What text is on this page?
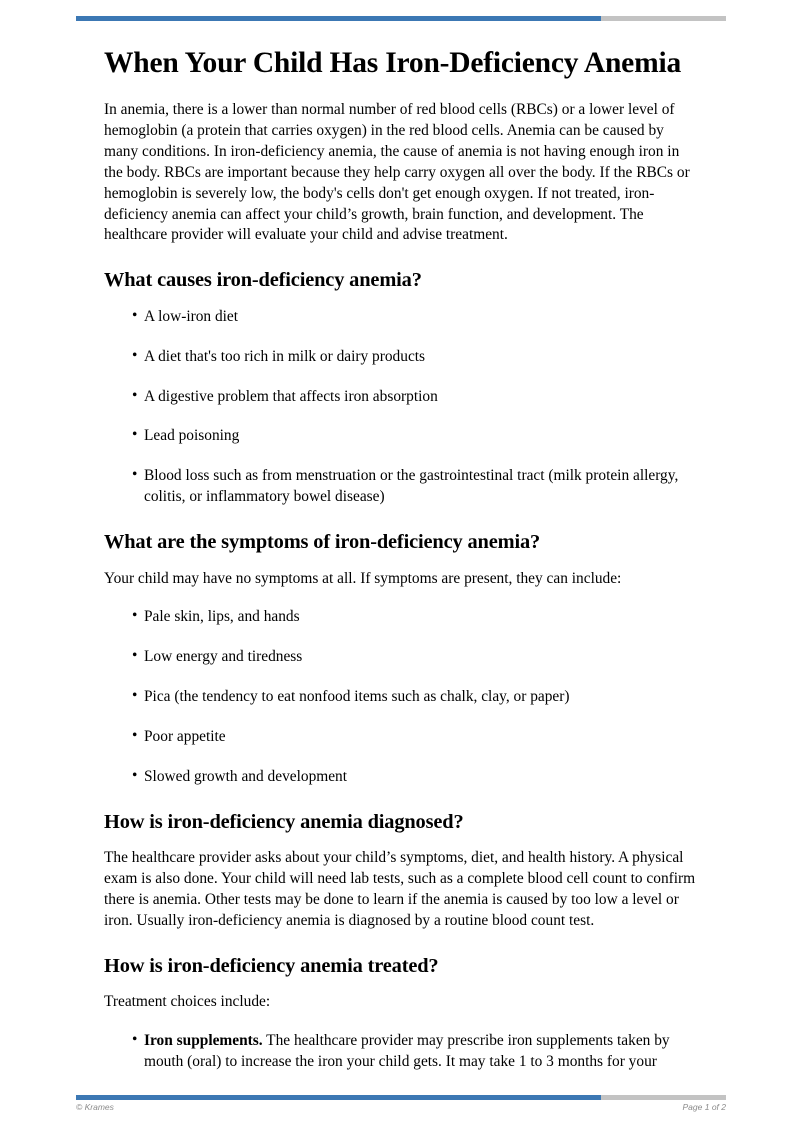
When Your Child Has Iron-Deficiency Anemia

In anemia, there is a lower than normal number of red blood cells (RBCs) or a lower level of hemoglobin (a protein that carries oxygen) in the red blood cells. Anemia can be caused by many conditions. In iron-deficiency anemia, the cause of anemia is not having enough iron in the body. RBCs are important because they help carry oxygen all over the body. If the RBCs or hemoglobin is severely low, the body's cells don't get enough oxygen. If not treated, iron-deficiency anemia can affect your child’s growth, brain function, and development. The healthcare provider will evaluate your child and advise treatment.

What causes iron-deficiency anemia?
• A low-iron diet
• A diet that's too rich in milk or dairy products
• A digestive problem that affects iron absorption
• Lead poisoning
• Blood loss such as from menstruation or the gastrointestinal tract (milk protein allergy, colitis, or inflammatory bowel disease)
What are the symptoms of iron-deficiency anemia?

Your child may have no symptoms at all. If symptoms are present, they can include:

• Pale skin, lips, and hands
• Low energy and tiredness
• Pica (the tendency to eat nonfood items such as chalk, clay, or paper)
• Poor appetite
• Slowed growth and development
How is iron-deficiency anemia diagnosed?

The healthcare provider asks about your child’s symptoms, diet, and health history. A physical exam is also done. Your child will need lab tests, such as a complete blood cell count to confirm there is anemia. Other tests may be done to learn if the anemia is caused by too low a level or iron. Usually iron-deficiency anemia is diagnosed by a routine blood count test.

How is iron-deficiency anemia treated?

Treatment choices include:

• Iron supplements. The healthcare provider may prescribe iron supplements taken by mouth (oral) to increase the iron your child gets. It may take 1 to 3 months for your
© Krames	Page 1 of 2
